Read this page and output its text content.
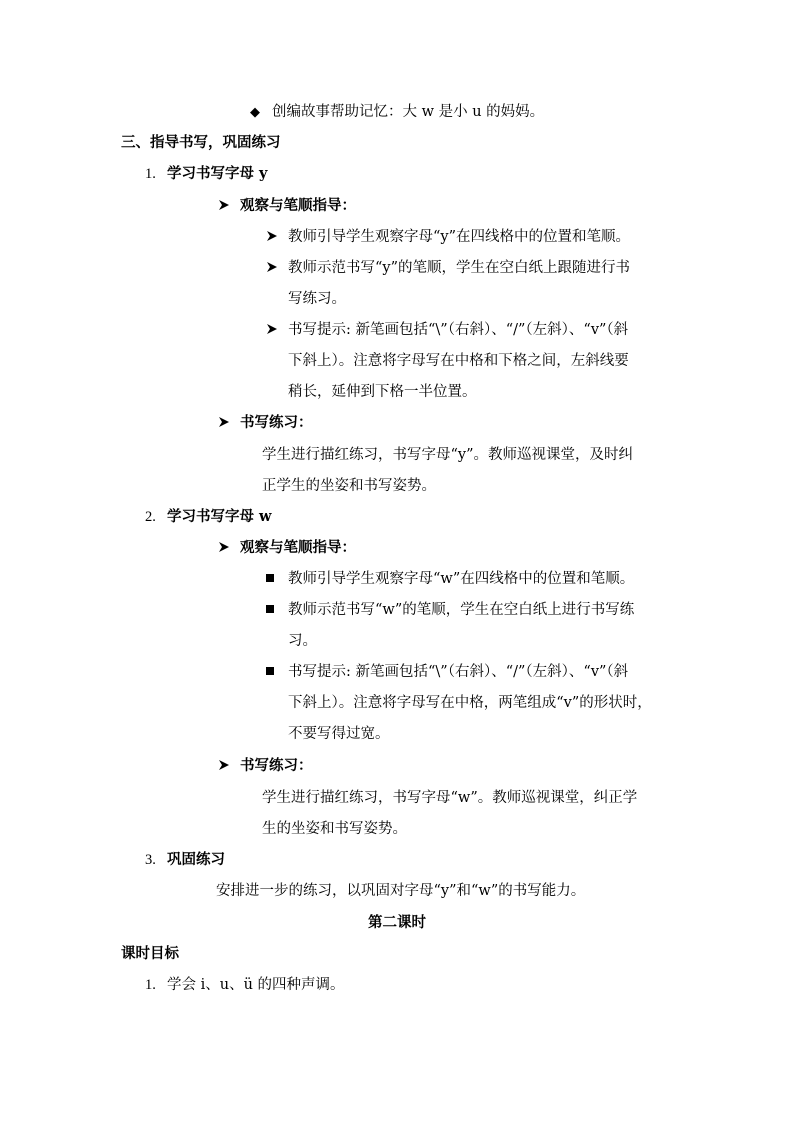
◆ 创编故事帮助记忆：大 w 是小 u 的妈妈。
三、指导书写，巩固练习
1. 学习书写字母 y
观察与笔顺指导：
教师引导学生观察字母“y”在四线格中的位置和笔顺。
教师示范书写“y”的笔顺，学生在空白纸上跟随进行书
写练习。
书写提示: 新笔画包括“\”（右斜）、“/”（左斜）、“v”（斜
下斜上）。注意将字母写在中格和下格之间，左斜线要
稍长，延伸到下格一半位置。
书写练习：
学生进行描红练习，书写字母“y”。教师巡视课堂，及时纠
正学生的坐姿和书写姿势。
2. 学习书写字母 w
观察与笔顺指导：
教师引导学生观察字母“w”在四线格中的位置和笔顺。
教师示范书写“w”的笔顺，学生在空白纸上进行书写练
习。
书写提示: 新笔画包括“\”（右斜）、“/”（左斜）、“v”（斜
下斜上）。注意将字母写在中格，两笔组成“v”的形状时，
不要写得过宽。
书写练习：
学生进行描红练习，书写字母“w”。教师巡视课堂，纠正学
生的坐姿和书写姿势。
3. 巩固练习
安排进一步的练习，以巩固对字母“y”和“w”的书写能力。
第二课时
课时目标
1. 学会 i、u、ü 的四种声调。
